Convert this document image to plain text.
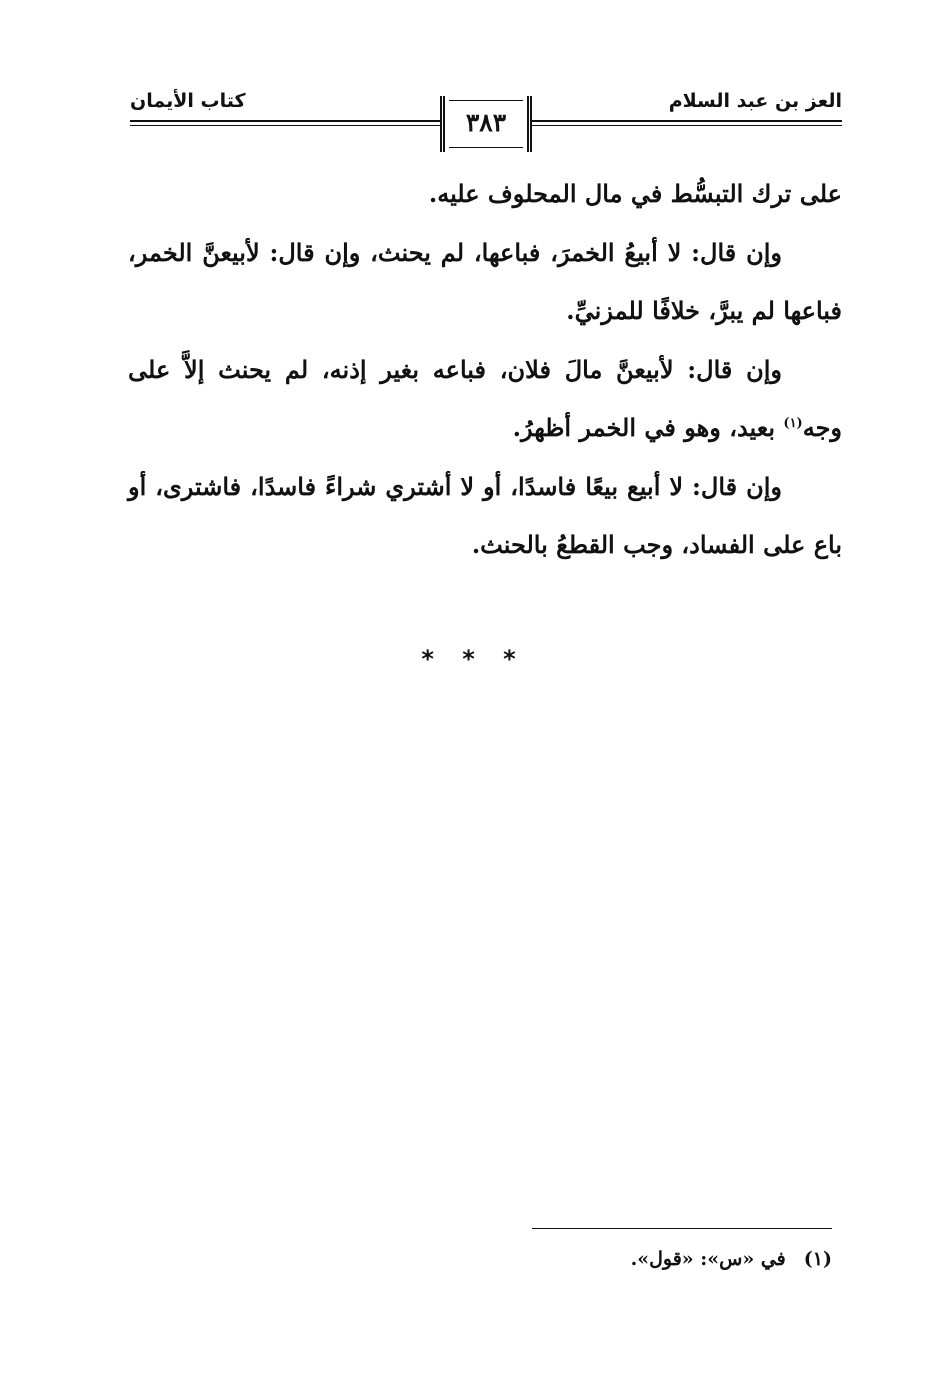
العز بن عبد السلام
كتاب الأيمان
٣٨٣

على ترك التبسُّط في مال المحلوف عليه.

وإن قال: لا أبيعُ الخمرَ، فباعها، لم يحنث، وإن قال: لأبيعنَّ الخمر، فباعها لم يبرَّ، خلافًا للمزنيِّ.

وإن قال: لأبيعنَّ مالَ فلان، فباعه بغير إذنه، لم يحنث إلاَّ على وجه$^{(١)}$ بعيد، وهو في الخمر أظهرُ.

وإن قال: لا أبيع بيعًا فاسدًا، أو لا أشتري شراءً فاسدًا، فاشترى، أو باع على الفساد، وجب القطعُ بالحنث.

* * *
(١)في «س»: «قول».
